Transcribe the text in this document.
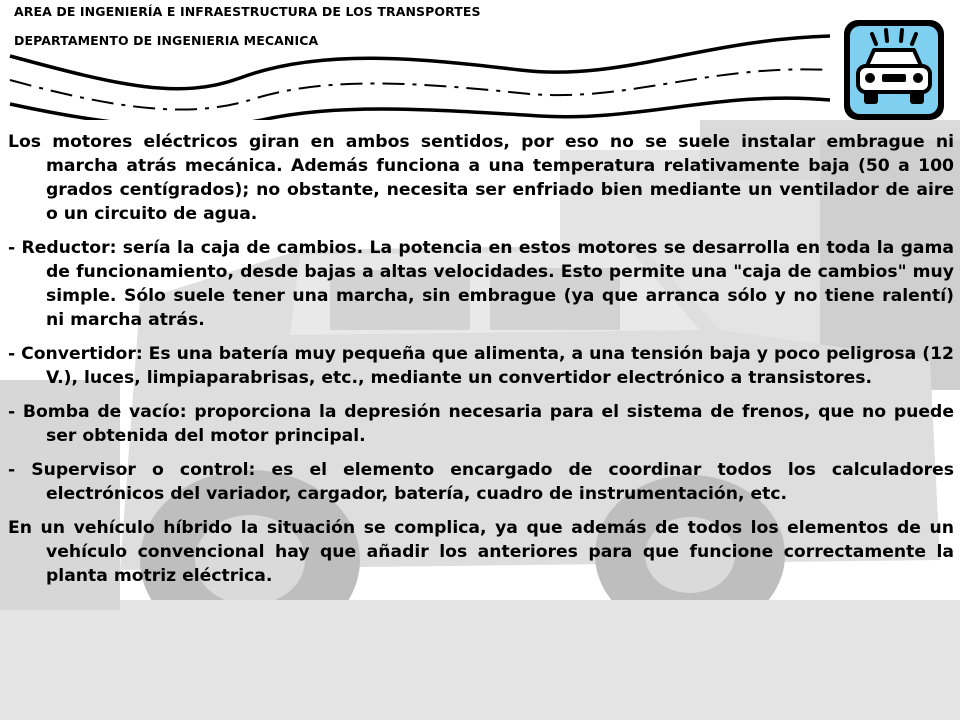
AREA DE INGENIERÍA E INFRAESTRUCTURA DE LOS TRANSPORTES
DEPARTAMENTO DE INGENIERIA MECANICA

Los motores eléctricos giran en ambos sentidos, por eso no se suele instalar embrague ni marcha atrás mecánica. Además funciona a una temperatura relativamente baja (50 a 100 grados centígrados); no obstante, necesita ser enfriado bien mediante un ventilador de aire o un circuito de agua.

- Reductor: sería la caja de cambios. La potencia en estos motores se desarrolla en toda la gama de funcionamiento, desde bajas a altas velocidades. Esto permite una "caja de cambios" muy simple. Sólo suele tener una marcha, sin embrague (ya que arranca sólo y no tiene ralentí) ni marcha atrás.

- Convertidor: Es una batería muy pequeña que alimenta, a una tensión baja y poco peligrosa (12 V.), luces, limpiaparabrisas, etc., mediante un convertidor electrónico a transistores.

- Bomba de vacío: proporciona la depresión necesaria para el sistema de frenos, que no puede ser obtenida del motor principal.

- Supervisor o control: es el elemento encargado de coordinar todos los calculadores electrónicos del variador, cargador, batería, cuadro de instrumentación, etc.

En un vehículo híbrido la situación se complica, ya que además de todos los elementos de un vehículo convencional hay que añadir los anteriores para que funcione correctamente la planta motriz eléctrica.
